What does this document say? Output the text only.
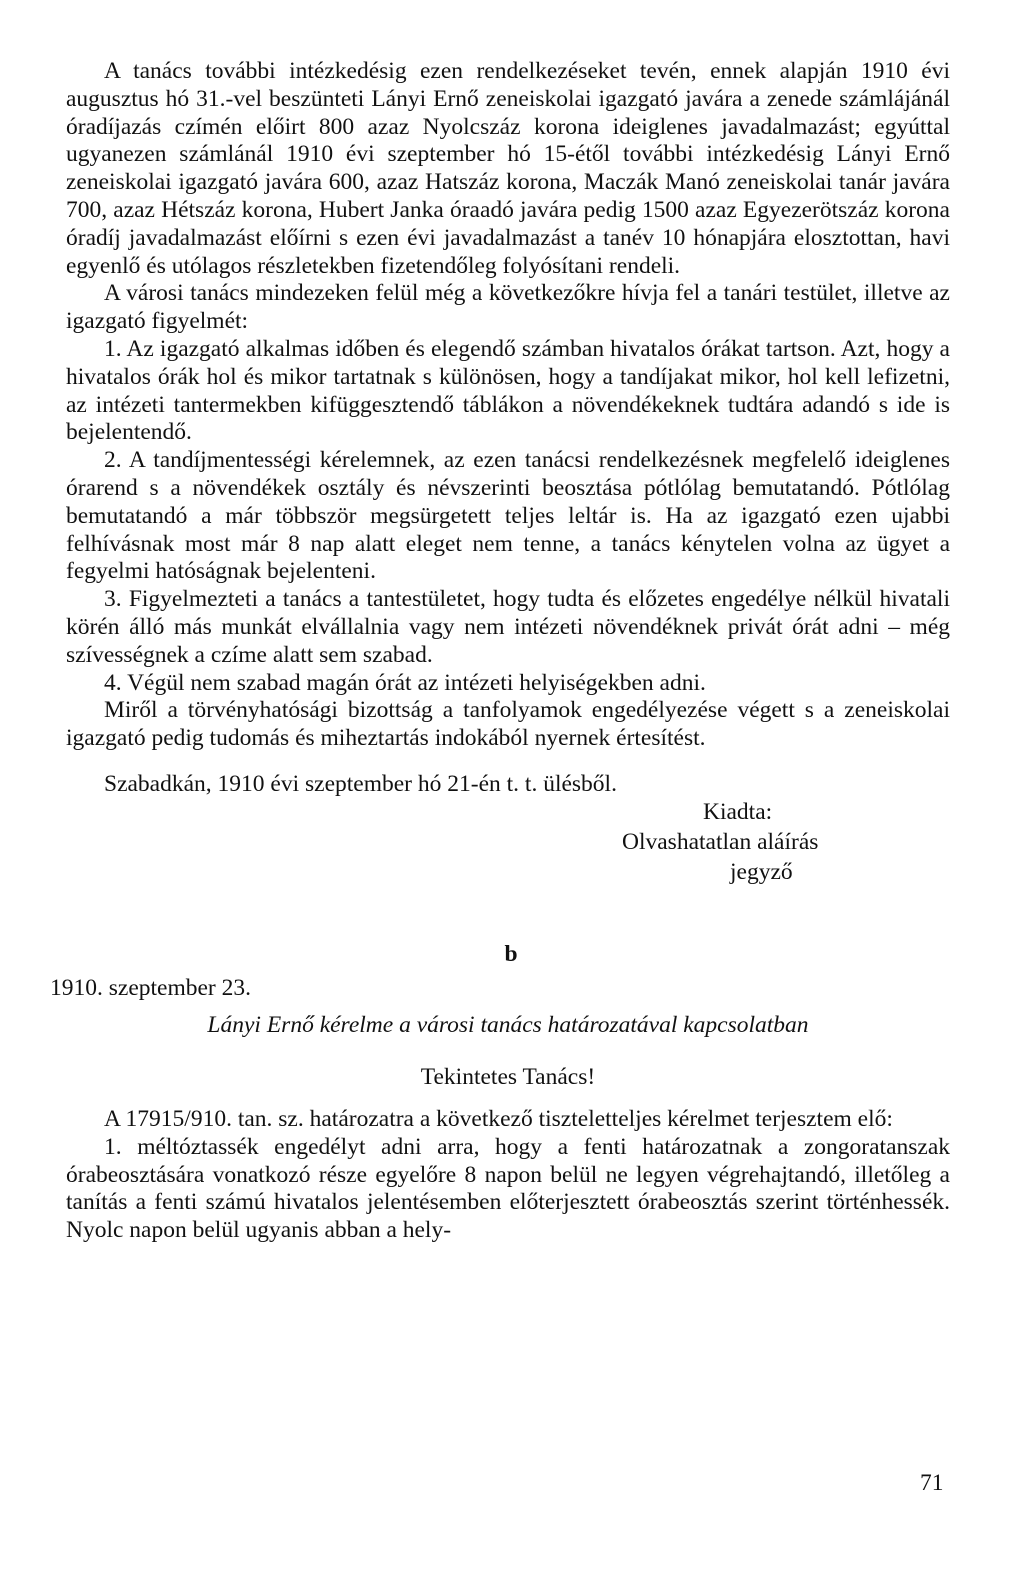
A tanács további intézkedésig ezen rendelkezéseket tevén, ennek alapján 1910 évi augusztus hó 31.-vel beszünteti Lányi Ernő zeneiskolai igazgató javára a zenede számlájánál óradíjazás czímén előirt 800 azaz Nyolcszáz korona ideiglenes javadalmazást; egyúttal ugyanezen számlánál 1910 évi szeptember hó 15-étől további intézkedésig Lányi Ernő zeneiskolai igazgató javára 600, azaz Hatszáz korona, Maczák Manó zeneiskolai tanár javára 700, azaz Hétszáz korona, Hubert Janka óraadó javára pedig 1500 azaz Egyezerötszáz korona óradíj javadalmazást előírni s ezen évi javadalmazást a tanév 10 hónapjára elosztottan, havi egyenlő és utólagos részletekben fizetendőleg folyósítani rendeli.

A városi tanács mindezeken felül még a következőkre hívja fel a tanári testület, illetve az igazgató figyelmét:

1. Az igazgató alkalmas időben és elegendő számban hivatalos órákat tartson. Azt, hogy a hivatalos órák hol és mikor tartatnak s különösen, hogy a tandíjakat mikor, hol kell lefizetni, az intézeti tantermekben kifüggesztendő táblákon a növendékeknek tudtára adandó s ide is bejelentendő.

2. A tandíjmentességi kérelemnek, az ezen tanácsi rendelkezésnek megfelelő ideiglenes órarend s a növendékek osztály és névszerinti beosztása pótlólag bemutatandó. Pótlólag bemutatandó a már többször megsürgetett teljes leltár is. Ha az igazgató ezen ujabbi felhívásnak most már 8 nap alatt eleget nem tenne, a tanács kénytelen volna az ügyet a fegyelmi hatóságnak bejelenteni.

3. Figyelmezteti a tanács a tantestületet, hogy tudta és előzetes engedélye nélkül hivatali körén álló más munkát elvállalnia vagy nem intézeti növendéknek privát órát adni – még szívességnek a czíme alatt sem szabad.

4. Végül nem szabad magán órát az intézeti helyiségekben adni.

Miről a törvényhatósági bizottság a tanfolyamok engedélyezése végett s a zeneiskolai igazgató pedig tudomás és miheztartás indokából nyernek értesítést.

Szabadkán, 1910 évi szeptember hó 21-én t. t. ülésből.

Kiadta:
Olvashatatlan aláírás
jegyző
b
1910. szeptember 23.
Lányi Ernő kérelme a városi tanács határozatával kapcsolatban
Tekintetes Tanács!

A 17915/910. tan. sz. határozatra a következő tiszteletteljes kérelmet terjesztem elő:

1. méltóztassék engedélyt adni arra, hogy a fenti határozatnak a zongoratanszak órabeosztására vonatkozó része egyelőre 8 napon belül ne legyen végrehajtandó, illetőleg a tanítás a fenti számú hivatalos jelentésemben előterjesztett órabeosztás szerint történhessék. Nyolc napon belül ugyanis abban a hely-

71
